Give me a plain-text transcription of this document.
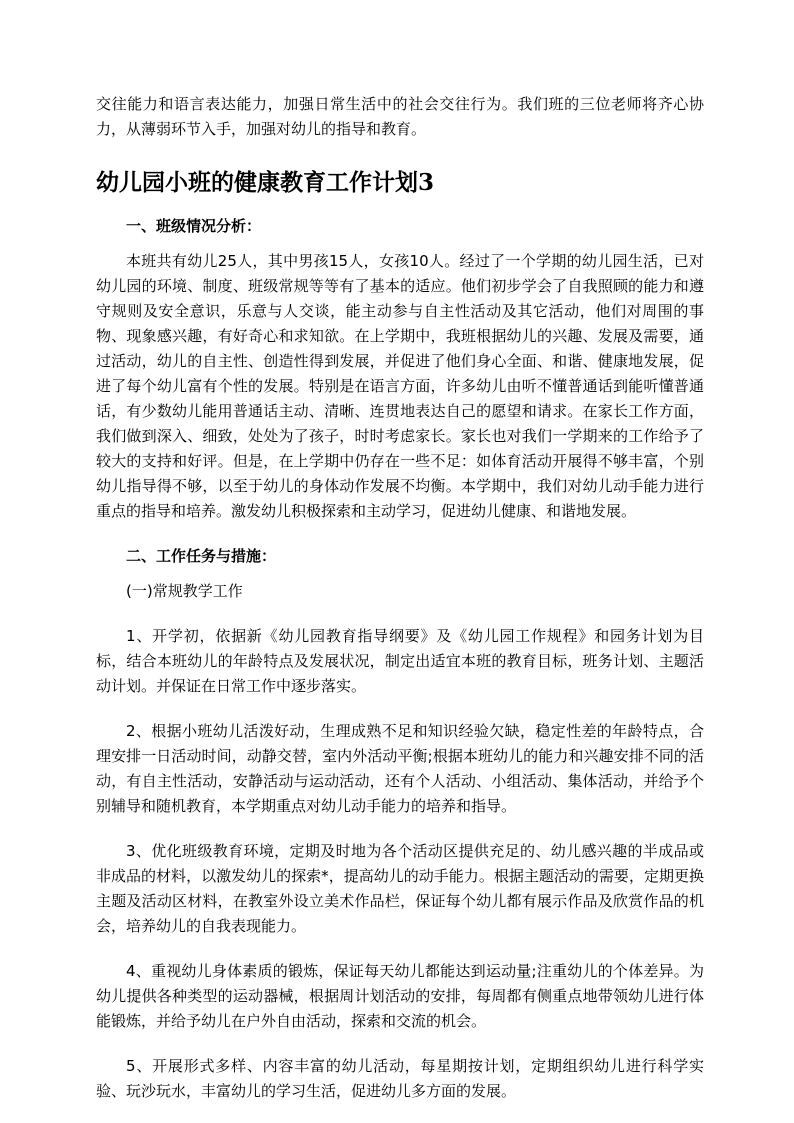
交往能力和语言表达能力，加强日常生活中的社会交往行为。我们班的三位老师将齐心协力，从薄弱环节入手，加强对幼儿的指导和教育。

幼儿园小班的健康教育工作计划3

一、班级情况分析：

本班共有幼儿25人，其中男孩15人，女孩10人。经过了一个学期的幼儿园生活，已对幼儿园的环境、制度、班级常规等等有了基本的适应。他们初步学会了自我照顾的能力和遵守规则及安全意识，乐意与人交谈，能主动参与自主性活动及其它活动，他们对周围的事物、现象感兴趣，有好奇心和求知欲。在上学期中，我班根据幼儿的兴趣、发展及需要，通过活动，幼儿的自主性、创造性得到发展，并促进了他们身心全面、和谐、健康地发展，促进了每个幼儿富有个性的发展。特别是在语言方面，许多幼儿由听不懂普通话到能听懂普通话，有少数幼儿能用普通话主动、清晰、连贯地表达自己的愿望和请求。在家长工作方面，我们做到深入、细致，处处为了孩子，时时考虑家长。家长也对我们一学期来的工作给予了较大的支持和好评。但是，在上学期中仍存在一些不足：如体育活动开展得不够丰富，个别幼儿指导得不够，以至于幼儿的身体动作发展不均衡。本学期中，我们对幼儿动手能力进行重点的指导和培养。激发幼儿积极探索和主动学习，促进幼儿健康、和谐地发展。

二、工作任务与措施：

(一)常规教学工作

1、开学初，依据新《幼儿园教育指导纲要》及《幼儿园工作规程》和园务计划为目标，结合本班幼儿的年龄特点及发展状况，制定出适宜本班的教育目标，班务计划、主题活动计划。并保证在日常工作中逐步落实。

2、根据小班幼儿活泼好动，生理成熟不足和知识经验欠缺，稳定性差的年龄特点，合理安排一日活动时间，动静交替，室内外活动平衡;根据本班幼儿的能力和兴趣安排不同的活动，有自主性活动，安静活动与运动活动，还有个人活动、小组活动、集体活动，并给予个别辅导和随机教育，本学期重点对幼儿动手能力的培养和指导。

3、优化班级教育环境，定期及时地为各个活动区提供充足的、幼儿感兴趣的半成品或非成品的材料，以激发幼儿的探索*，提高幼儿的动手能力。根据主题活动的需要，定期更换主题及活动区材料，在教室外设立美术作品栏，保证每个幼儿都有展示作品及欣赏作品的机会，培养幼儿的自我表现能力。

4、重视幼儿身体素质的锻炼，保证每天幼儿都能达到运动量;注重幼儿的个体差异。为幼儿提供各种类型的运动器械，根据周计划活动的安排，每周都有侧重点地带领幼儿进行体能锻炼，并给予幼儿在户外自由活动，探索和交流的机会。

5、开展形式多样、内容丰富的幼儿活动，每星期按计划，定期组织幼儿进行科学实验、玩沙玩水，丰富幼儿的学习生活，促进幼儿多方面的发展。
